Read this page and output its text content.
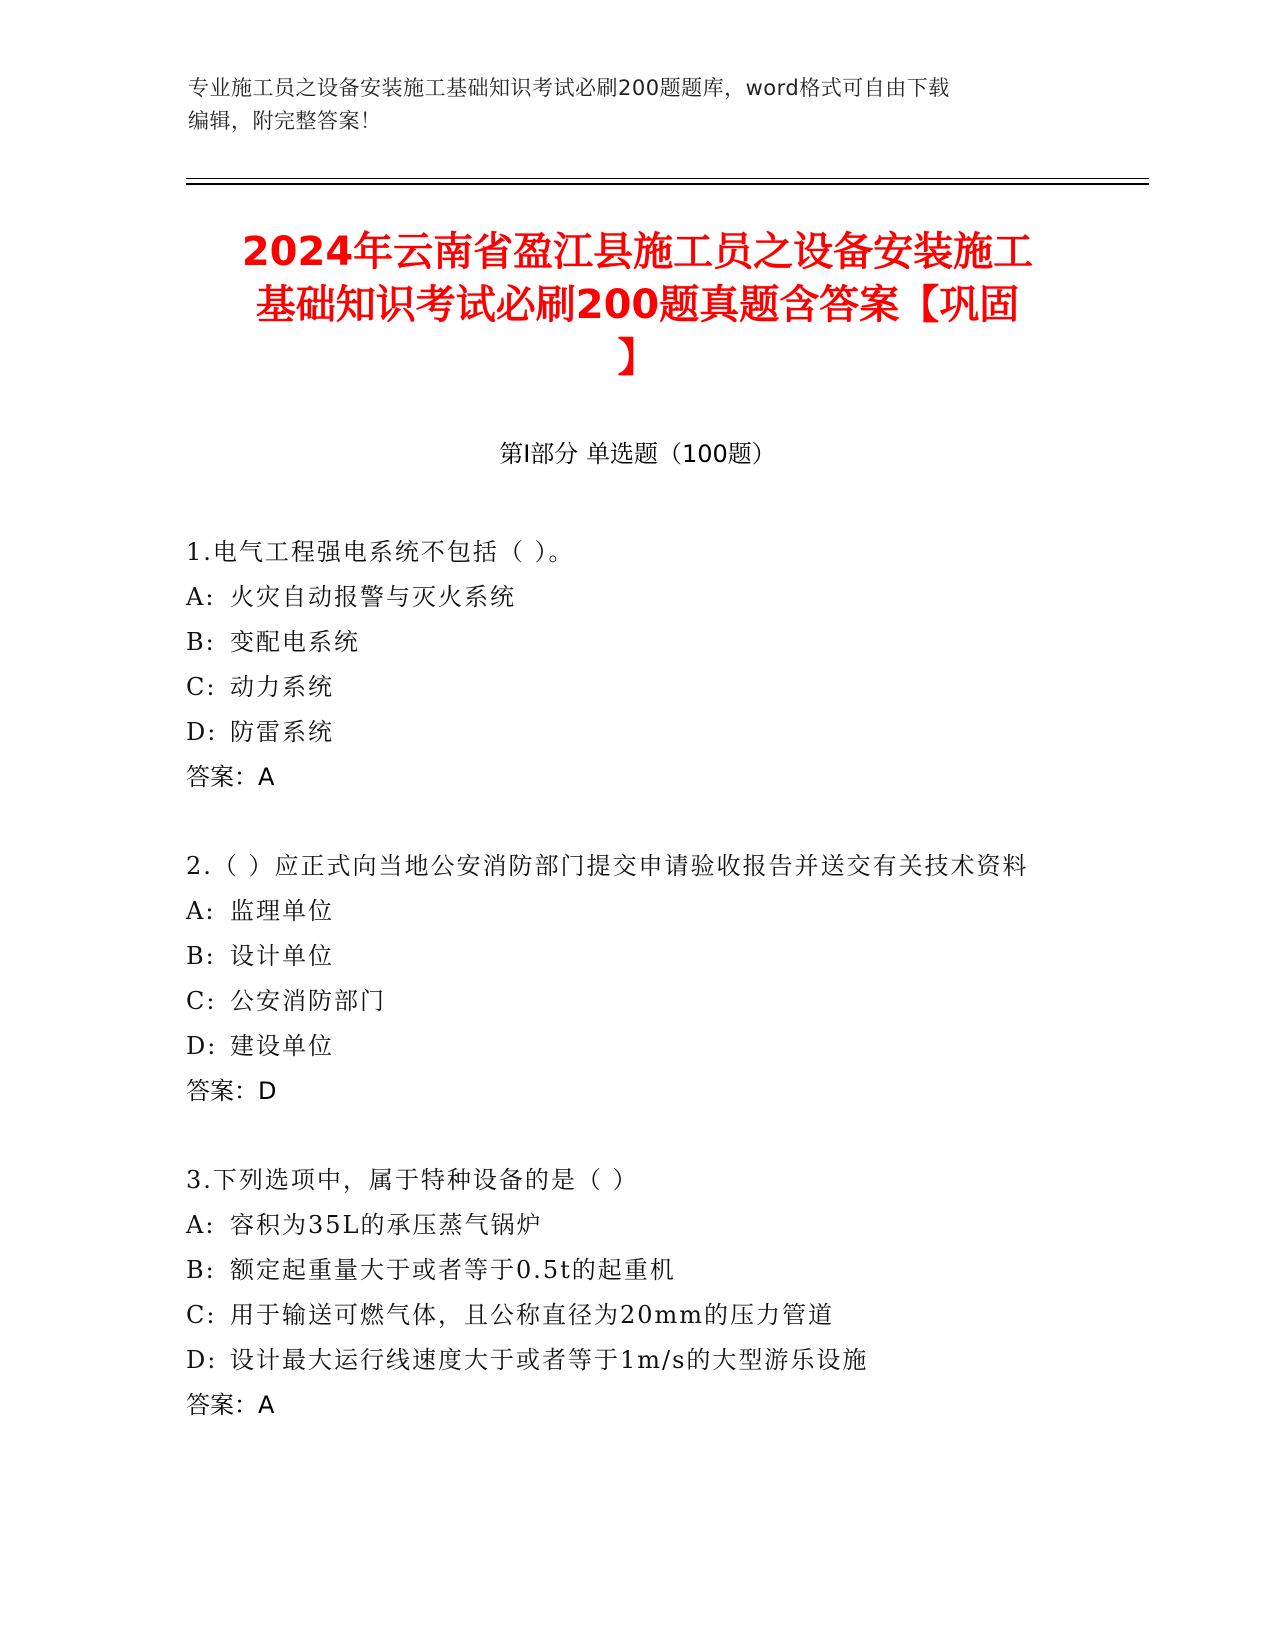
专业施工员之设备安装施工基础知识考试必刷200题题库，word格式可自由下载
编辑，附完整答案！
2024年云南省盈江县施工员之设备安装施工
基础知识考试必刷200题真题含答案【巩固
】
第Ⅰ部分 单选题（100题）
1.电气工程强电系统不包括（ ）。
A: 火灾自动报警与灭火系统
B: 变配电系统
C: 动力系统
D: 防雷系统
答案：A
2.（ ）应正式向当地公安消防部门提交申请验收报告并送交有关技术资料
A: 监理单位
B: 设计单位
C: 公安消防部门
D: 建设单位
答案：D
3.下列选项中，属于特种设备的是（ ）
A: 容积为35L的承压蒸气锅炉
B: 额定起重量大于或者等于0.5t的起重机
C: 用于输送可燃气体，且公称直径为20mm的压力管道
D: 设计最大运行线速度大于或者等于1m/s的大型游乐设施
答案：A
